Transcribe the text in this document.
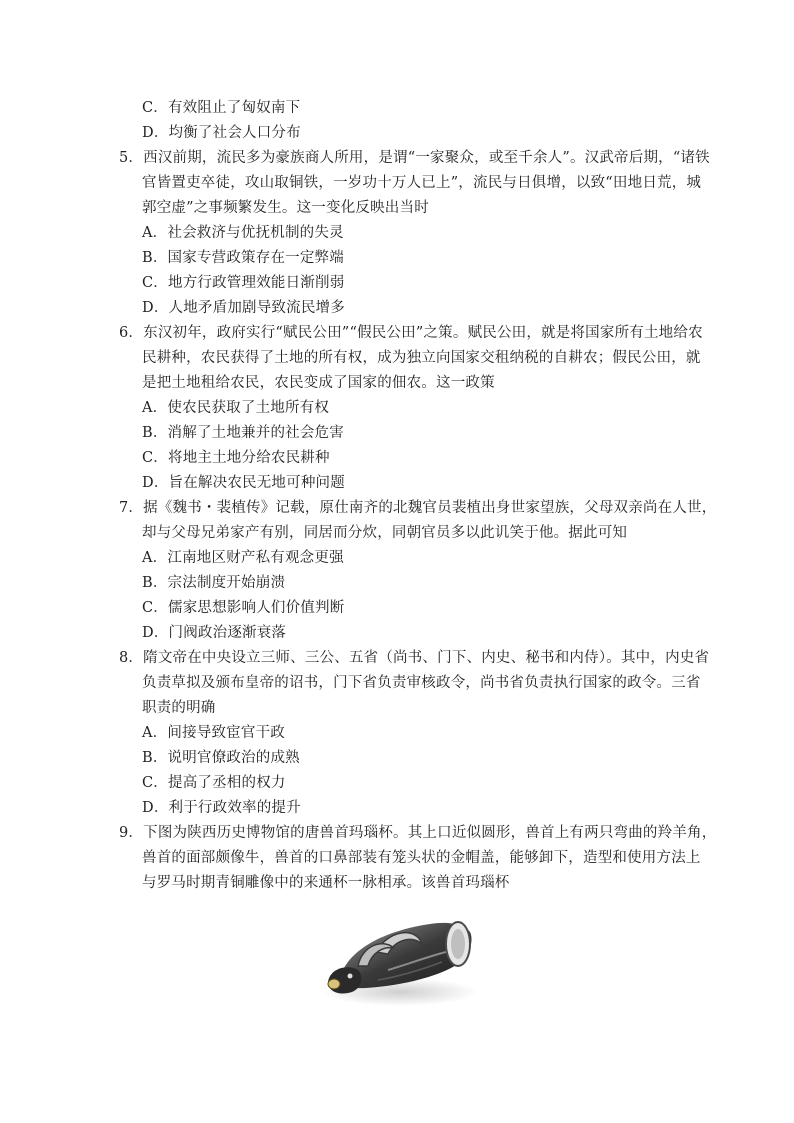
C．有效阻止了匈奴南下
D．均衡了社会人口分布
5．西汉前期，流民多为豪族商人所用，是谓“一家聚众，或至千余人”。汉武帝后期，“诸铁
官皆置吏卒徒，攻山取铜铁，一岁功十万人已上”，流民与日俱增，以致“田地日荒，城
郭空虚”之事频繁发生。这一变化反映出当时
A．社会救济与优抚机制的失灵
B．国家专营政策存在一定弊端
C．地方行政管理效能日渐削弱
D．人地矛盾加剧导致流民增多
6．东汉初年，政府实行“赋民公田”“假民公田”之策。赋民公田，就是将国家所有土地给农
民耕种，农民获得了土地的所有权，成为独立向国家交租纳税的自耕农；假民公田，就
是把土地租给农民，农民变成了国家的佃农。这一政策
A．使农民获取了土地所有权
B．消解了土地兼并的社会危害
C．将地主土地分给农民耕种
D．旨在解决农民无地可种问题
7．据《魏书・裴植传》记载，原仕南齐的北魏官员裴植出身世家望族，父母双亲尚在人世，
却与父母兄弟家产有别，同居而分炊，同朝官员多以此讥笑于他。据此可知
A．江南地区财产私有观念更强
B．宗法制度开始崩溃
C．儒家思想影响人们价值判断
D．门阀政治逐渐衰落
8．隋文帝在中央设立三师、三公、五省（尚书、门下、内史、秘书和内侍）。其中，内史省
负责草拟及颁布皇帝的诏书，门下省负责审核政令，尚书省负责执行国家的政令。三省
职责的明确
A．间接导致宦官干政
B．说明官僚政治的成熟
C．提高了丞相的权力
D．利于行政效率的提升
9．下图为陕西历史博物馆的唐兽首玛瑙杯。其上口近似圆形，兽首上有两只弯曲的羚羊角，
兽首的面部颇像牛，兽首的口鼻部装有笼头状的金帽盖，能够卸下，造型和使用方法上
与罗马时期青铜雕像中的来通杯一脉相承。该兽首玛瑙杯
